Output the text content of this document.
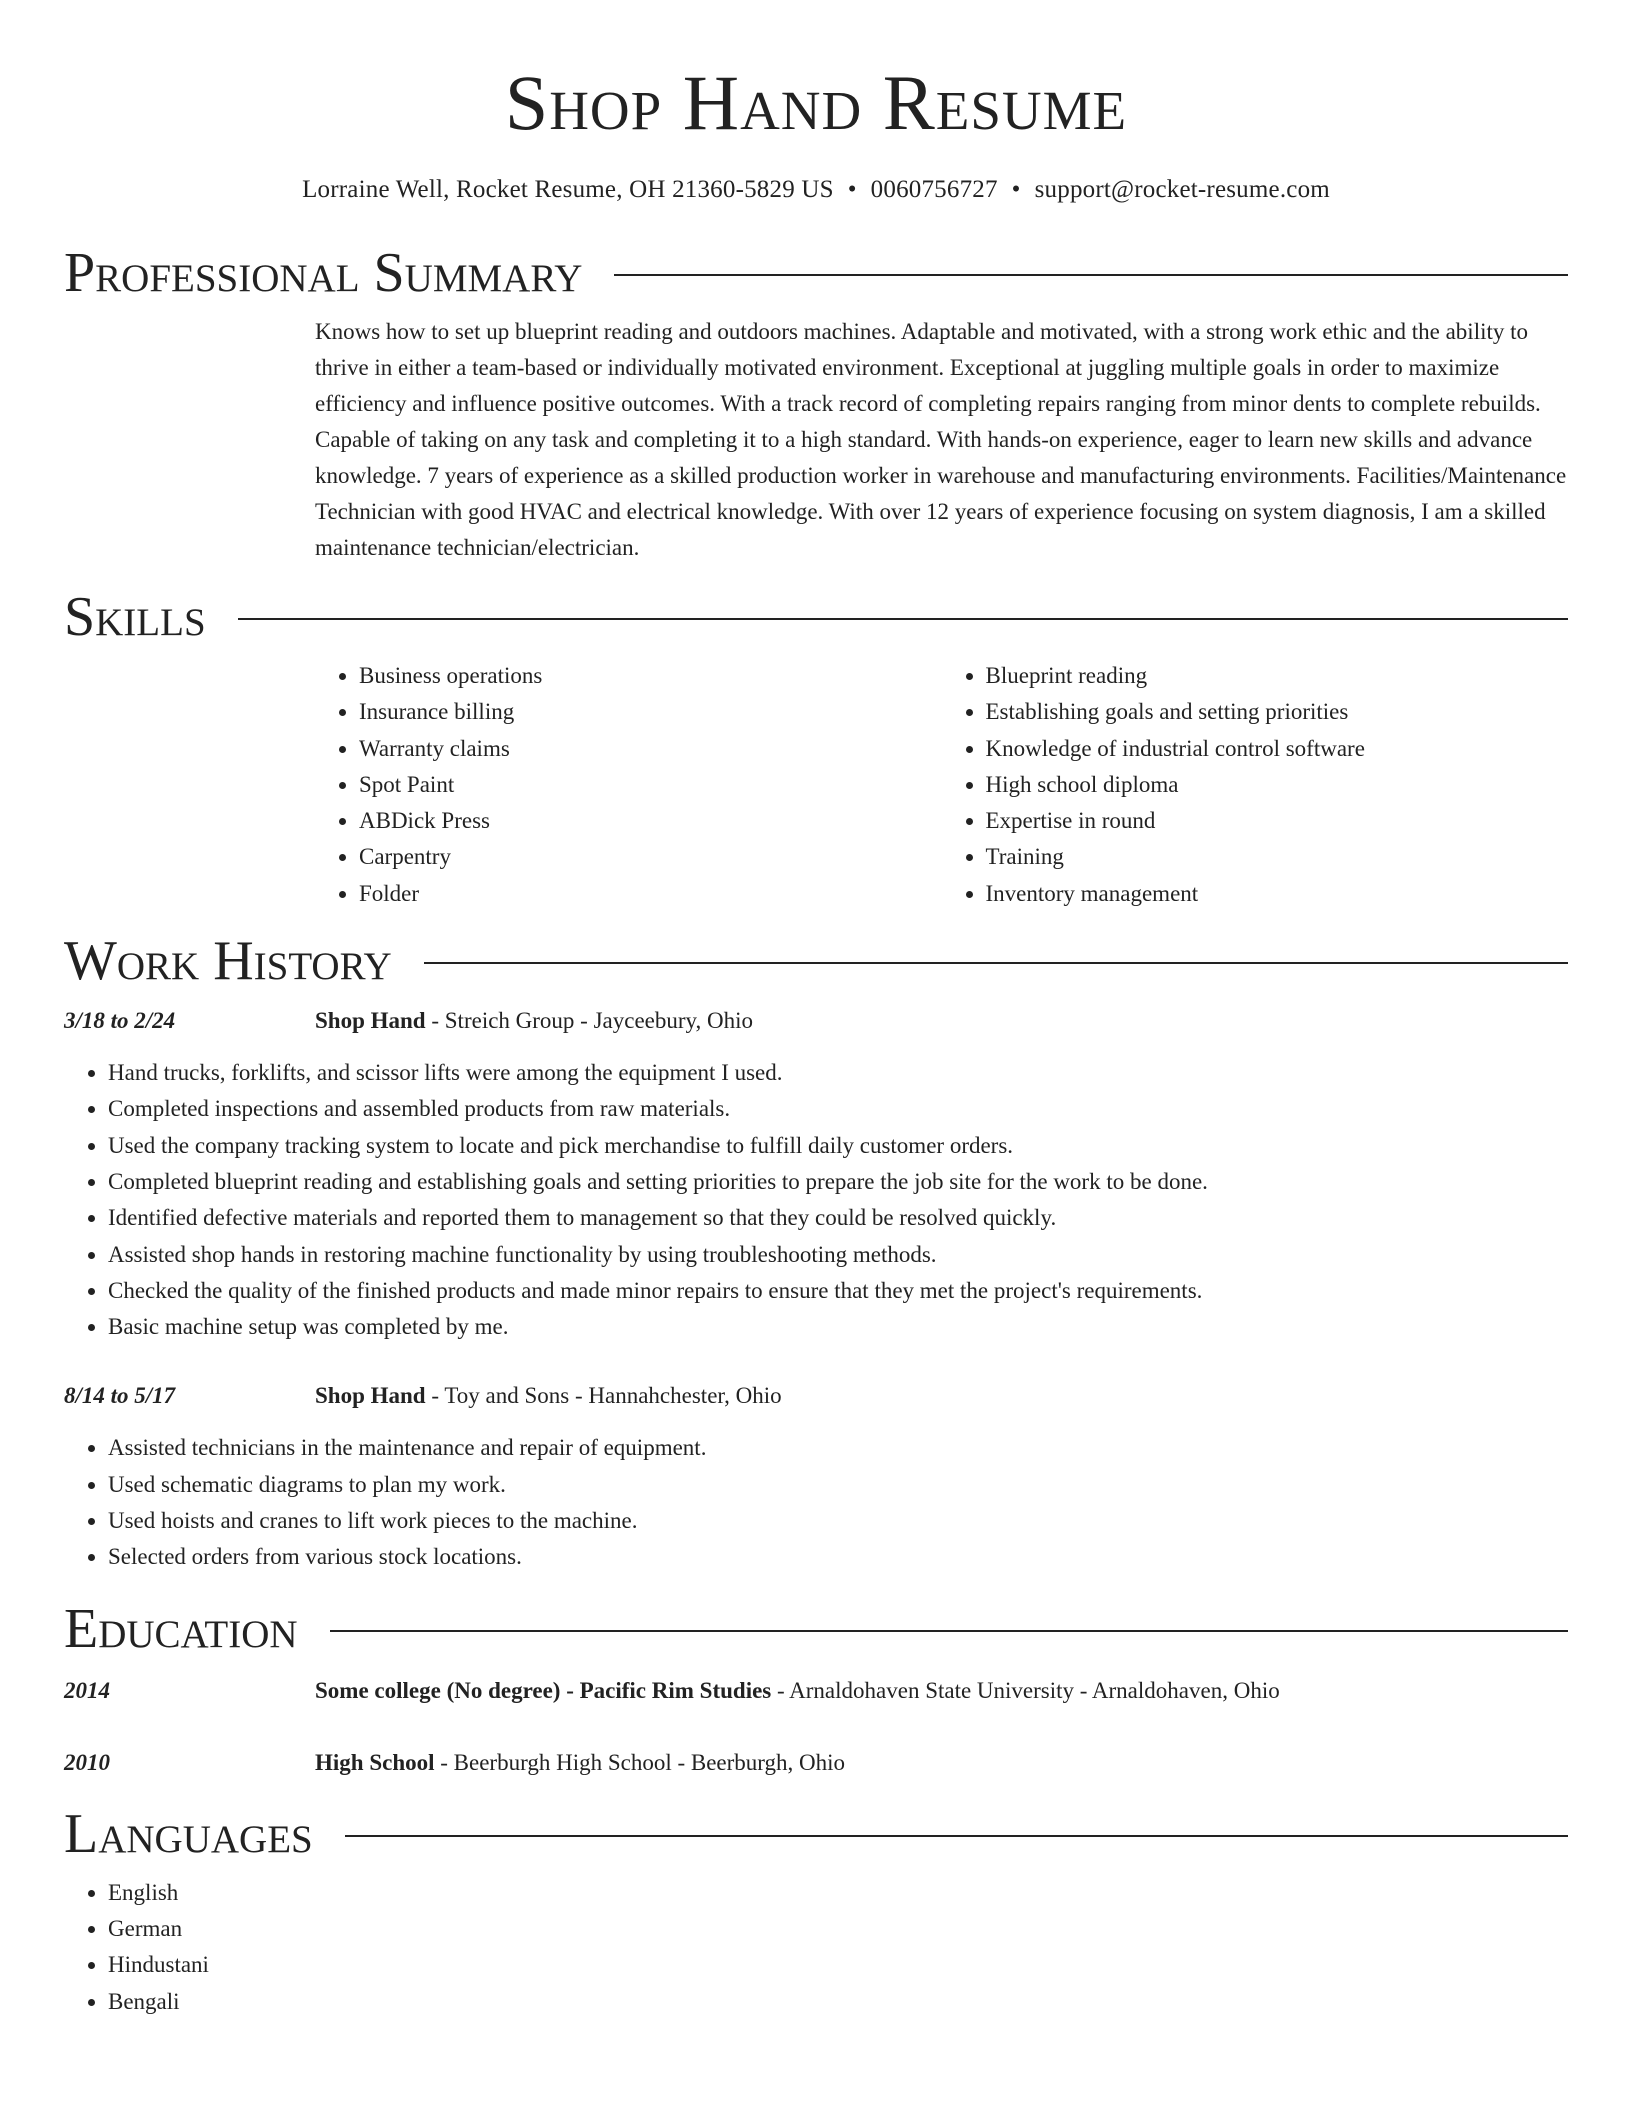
Shop Hand Resume
Lorraine Well, Rocket Resume, OH 21360-5829 US • 0060756727 • support@rocket-resume.com
Professional Summary
Knows how to set up blueprint reading and outdoors machines. Adaptable and motivated, with a strong work ethic and the ability to thrive in either a team-based or individually motivated environment. Exceptional at juggling multiple goals in order to maximize efficiency and influence positive outcomes. With a track record of completing repairs ranging from minor dents to complete rebuilds. Capable of taking on any task and completing it to a high standard. With hands-on experience, eager to learn new skills and advance knowledge. 7 years of experience as a skilled production worker in warehouse and manufacturing environments. Facilities/Maintenance Technician with good HVAC and electrical knowledge. With over 12 years of experience focusing on system diagnosis, I am a skilled maintenance technician/electrician.
Skills
• Business operations
• Insurance billing
• Warranty claims
• Spot Paint
• ABDick Press
• Carpentry
• Folder
• Blueprint reading
• Establishing goals and setting priorities
• Knowledge of industrial control software
• High school diploma
• Expertise in round
• Training
• Inventory management
Work History
3/18 to 2/24	Shop Hand - Streich Group - Jayceebury, Ohio
• Hand trucks, forklifts, and scissor lifts were among the equipment I used.
• Completed inspections and assembled products from raw materials.
• Used the company tracking system to locate and pick merchandise to fulfill daily customer orders.
• Completed blueprint reading and establishing goals and setting priorities to prepare the job site for the work to be done.
• Identified defective materials and reported them to management so that they could be resolved quickly.
• Assisted shop hands in restoring machine functionality by using troubleshooting methods.
• Checked the quality of the finished products and made minor repairs to ensure that they met the project's requirements.
• Basic machine setup was completed by me.
8/14 to 5/17	Shop Hand - Toy and Sons - Hannahchester, Ohio
• Assisted technicians in the maintenance and repair of equipment.
• Used schematic diagrams to plan my work.
• Used hoists and cranes to lift work pieces to the machine.
• Selected orders from various stock locations.
Education
2014	Some college (No degree) - Pacific Rim Studies - Arnaldohaven State University - Arnaldohaven, Ohio
2010	High School - Beerburgh High School - Beerburgh, Ohio
Languages
• English
• German
• Hindustani
• Bengali
